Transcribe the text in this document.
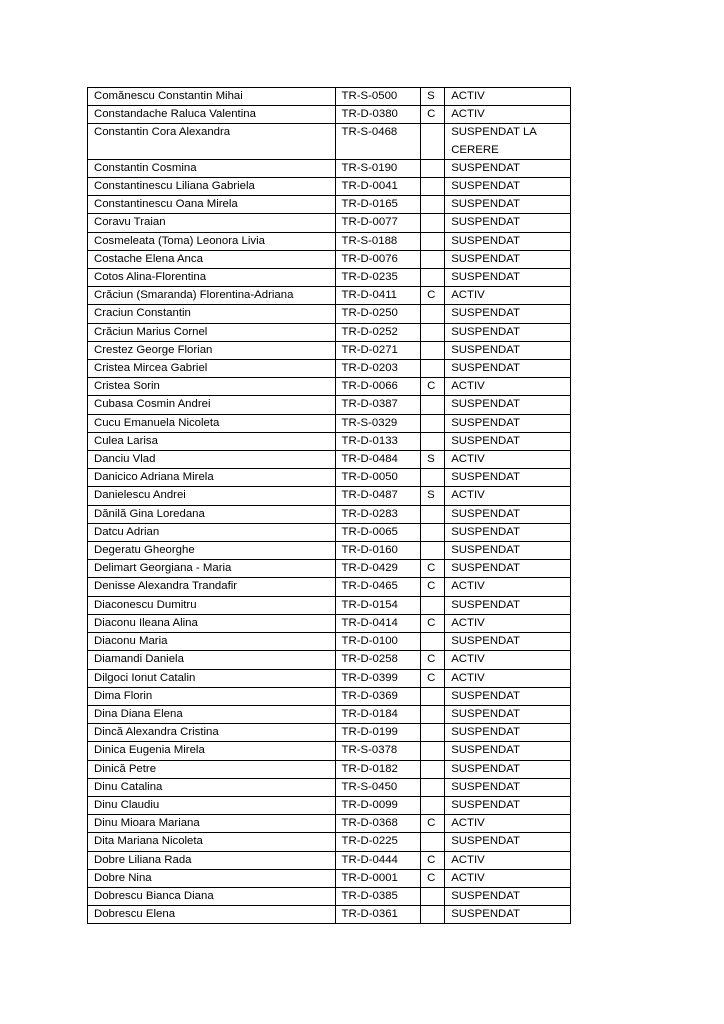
Comănescu Constantin Mihai	TR-S-0500	S	ACTIV
Constandache Raluca Valentina	TR-D-0380	C	ACTIV
Constantin Cora Alexandra	TR-S-0468		SUSPENDAT LA CERERE
Constantin Cosmina	TR-S-0190		SUSPENDAT
Constantinescu Liliana Gabriela	TR-D-0041		SUSPENDAT
Constantinescu Oana Mirela	TR-D-0165		SUSPENDAT
Coravu Traian	TR-D-0077		SUSPENDAT
Cosmeleata (Toma) Leonora Livia	TR-S-0188		SUSPENDAT
Costache Elena Anca	TR-D-0076		SUSPENDAT
Cotos Alina-Florentina	TR-D-0235		SUSPENDAT
Crăciun (Smaranda) Florentina-Adriana	TR-D-0411	C	ACTIV
Craciun Constantin	TR-D-0250		SUSPENDAT
Crăciun Marius Cornel	TR-D-0252		SUSPENDAT
Crestez George Florian	TR-D-0271		SUSPENDAT
Cristea Mircea Gabriel	TR-D-0203		SUSPENDAT
Cristea Sorin	TR-D-0066	C	ACTIV
Cubasa Cosmin Andrei	TR-D-0387		SUSPENDAT
Cucu Emanuela Nicoleta	TR-S-0329		SUSPENDAT
Culea Larisa	TR-D-0133		SUSPENDAT
Danciu Vlad	TR-D-0484	S	ACTIV
Danicico Adriana Mirela	TR-D-0050		SUSPENDAT
Danielescu Andrei	TR-D-0487	S	ACTIV
Dănilă Gina Loredana	TR-D-0283		SUSPENDAT
Datcu Adrian	TR-D-0065		SUSPENDAT
Degeratu Gheorghe	TR-D-0160		SUSPENDAT
Delimart Georgiana - Maria	TR-D-0429	C	SUSPENDAT
Denisse Alexandra Trandafir	TR-D-0465	C	ACTIV
Diaconescu Dumitru	TR-D-0154		SUSPENDAT
Diaconu Ileana Alina	TR-D-0414	C	ACTIV
Diaconu Maria	TR-D-0100		SUSPENDAT
Diamandi Daniela	TR-D-0258	C	ACTIV
Dilgoci Ionut Catalin	TR-D-0399	C	ACTIV
Dima Florin	TR-D-0369		SUSPENDAT
Dina Diana Elena	TR-D-0184		SUSPENDAT
Dincă Alexandra Cristina	TR-D-0199		SUSPENDAT
Dinica Eugenia Mirela	TR-S-0378		SUSPENDAT
Dinică Petre	TR-D-0182		SUSPENDAT
Dinu Catalina	TR-S-0450		SUSPENDAT
Dinu Claudiu	TR-D-0099		SUSPENDAT
Dinu Mioara Mariana	TR-D-0368	C	ACTIV
Dita Mariana Nicoleta	TR-D-0225		SUSPENDAT
Dobre Liliana Rada	TR-D-0444	C	ACTIV
Dobre Nina	TR-D-0001	C	ACTIV
Dobrescu Bianca Diana	TR-D-0385		SUSPENDAT
Dobrescu Elena	TR-D-0361		SUSPENDAT
